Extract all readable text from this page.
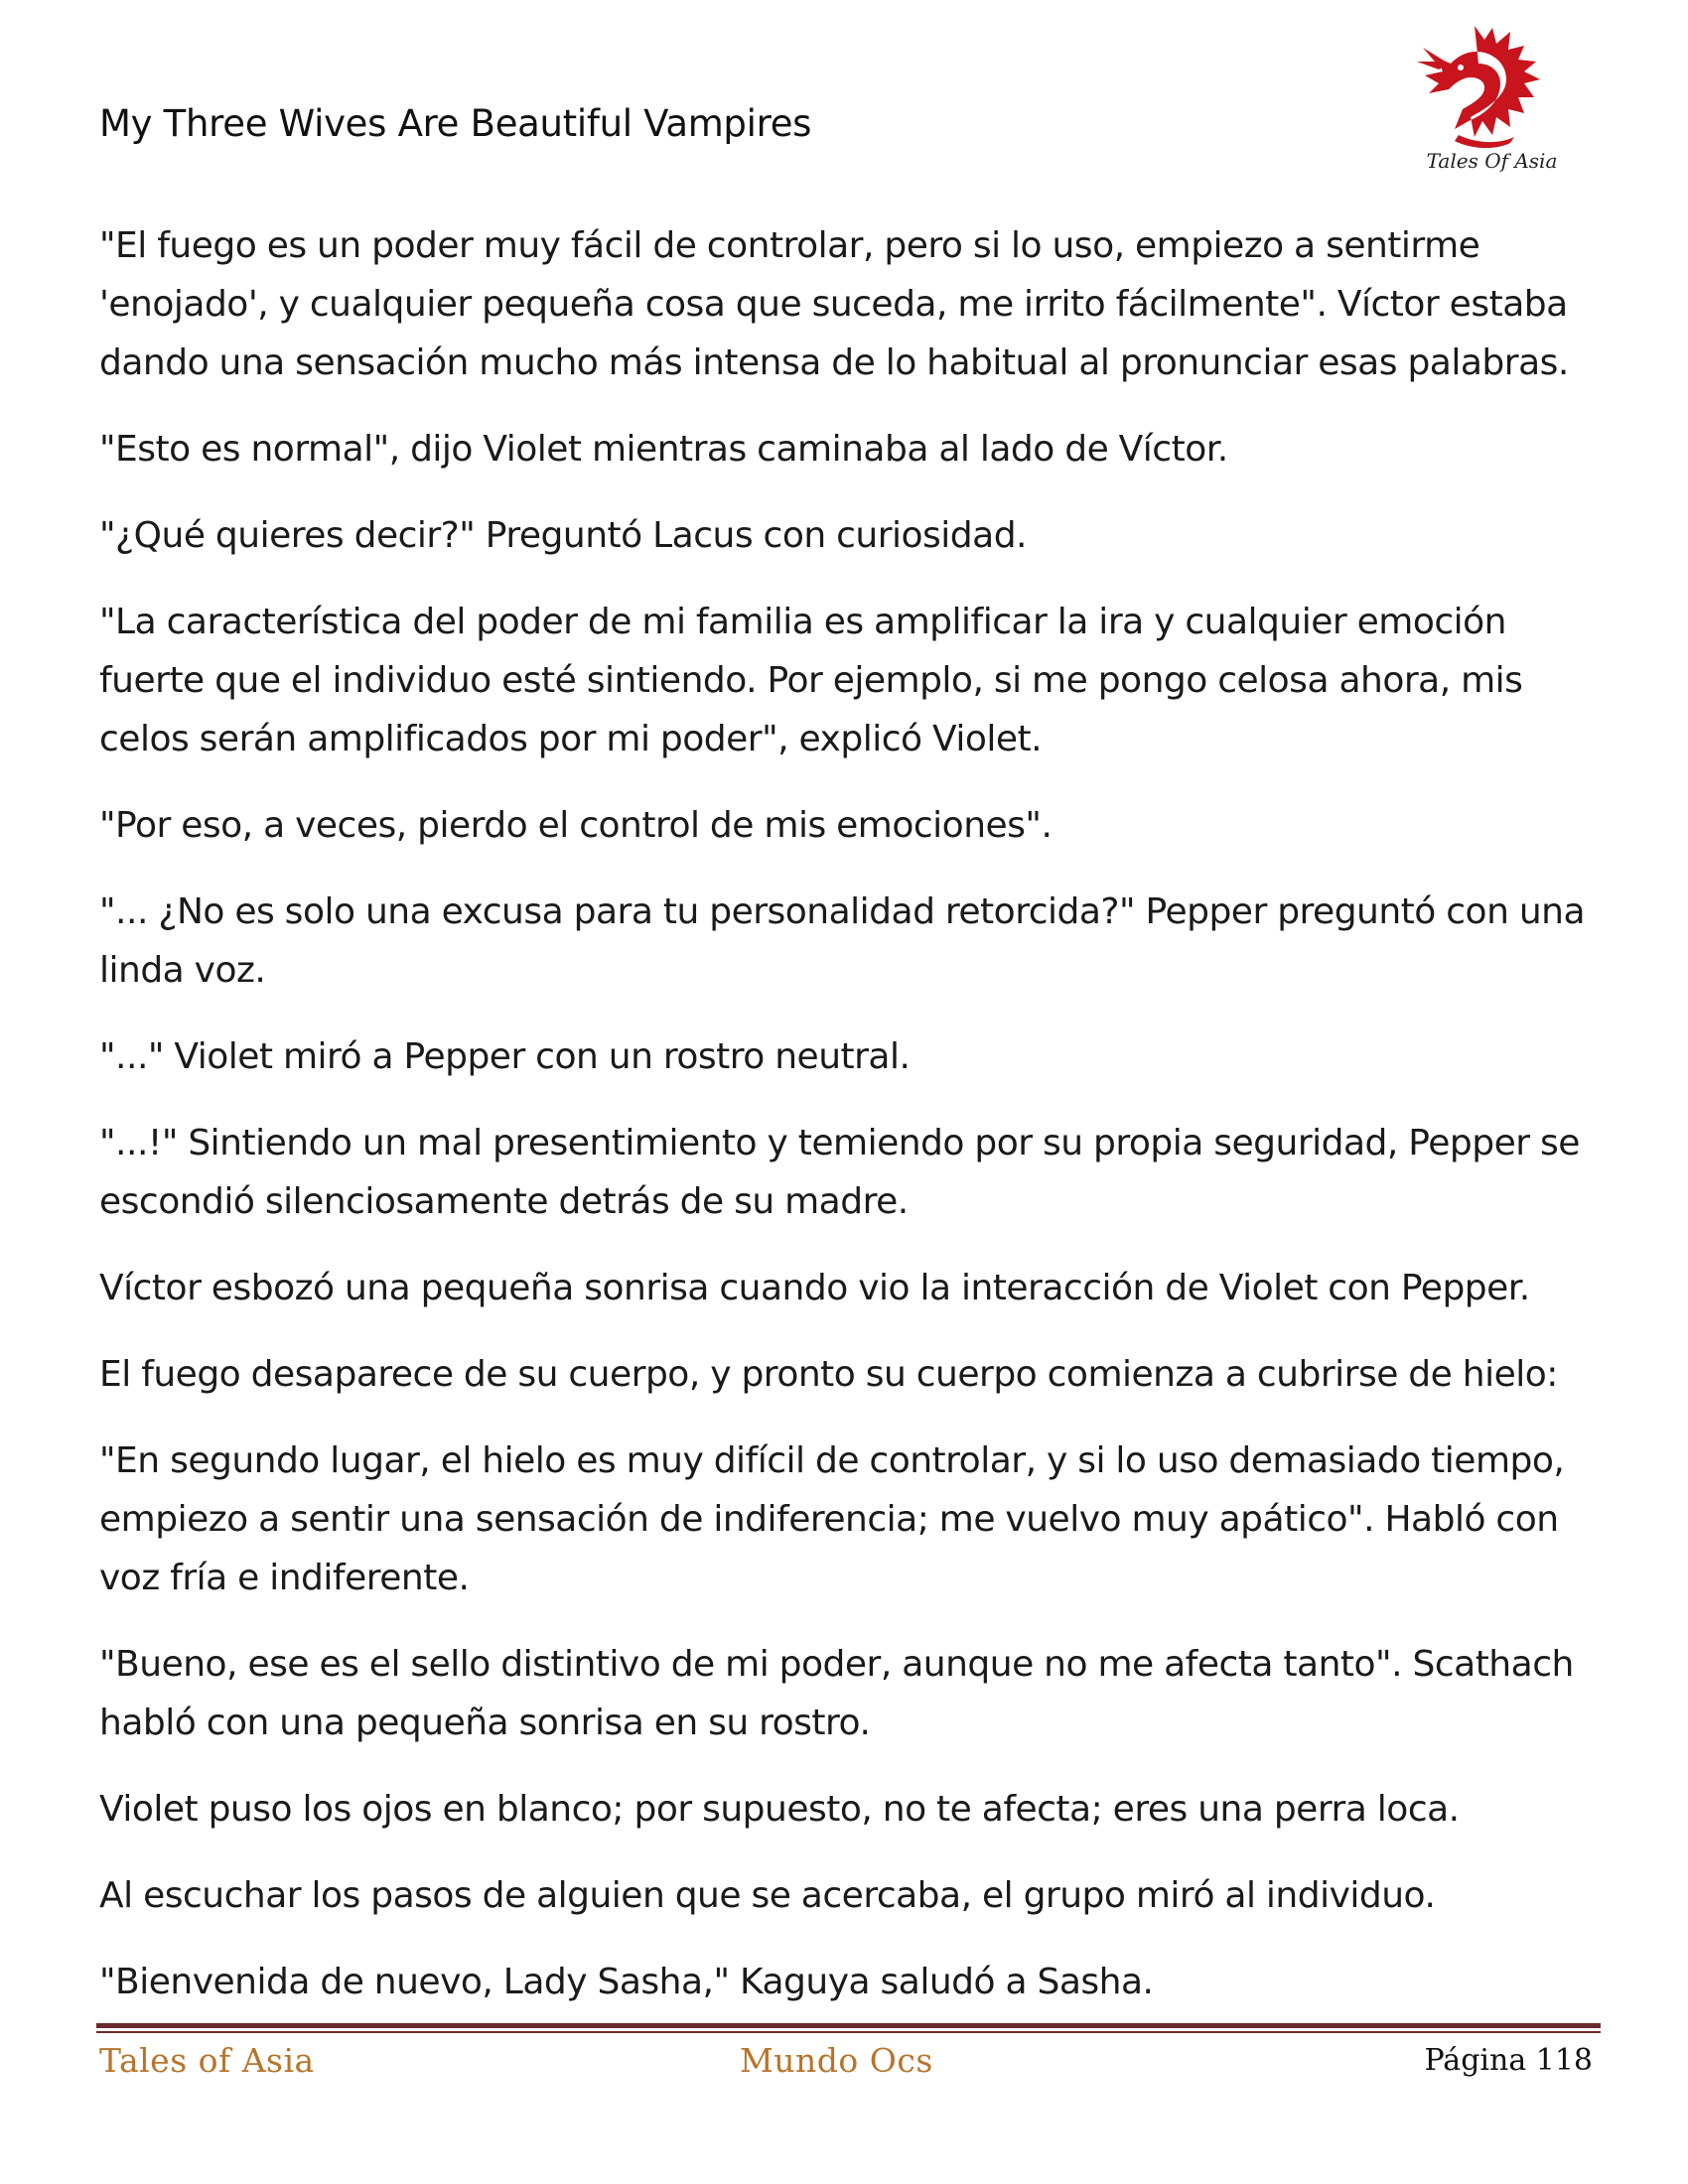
My Three Wives Are Beautiful Vampires
Tales Of Asia

"El fuego es un poder muy fácil de controlar, pero si lo uso, empiezo a sentirme 'enojado', y cualquier pequeña cosa que suceda, me irrito fácilmente". Víctor estaba dando una sensación mucho más intensa de lo habitual al pronunciar esas palabras.

"Esto es normal", dijo Violet mientras caminaba al lado de Víctor.

"¿Qué quieres decir?" Preguntó Lacus con curiosidad.

"La característica del poder de mi familia es amplificar la ira y cualquier emoción fuerte que el individuo esté sintiendo. Por ejemplo, si me pongo celosa ahora, mis celos serán amplificados por mi poder", explicó Violet.

"Por eso, a veces, pierdo el control de mis emociones".

"... ¿No es solo una excusa para tu personalidad retorcida?" Pepper preguntó con una linda voz.

"..." Violet miró a Pepper con un rostro neutral.

"...!" Sintiendo un mal presentimiento y temiendo por su propia seguridad, Pepper se escondió silenciosamente detrás de su madre.

Víctor esbozó una pequeña sonrisa cuando vio la interacción de Violet con Pepper.

El fuego desaparece de su cuerpo, y pronto su cuerpo comienza a cubrirse de hielo:

"En segundo lugar, el hielo es muy difícil de controlar, y si lo uso demasiado tiempo, empiezo a sentir una sensación de indiferencia; me vuelvo muy apático". Habló con voz fría e indiferente.

"Bueno, ese es el sello distintivo de mi poder, aunque no me afecta tanto". Scathach habló con una pequeña sonrisa en su rostro.

Violet puso los ojos en blanco; por supuesto, no te afecta; eres una perra loca.

Al escuchar los pasos de alguien que se acercaba, el grupo miró al individuo.

"Bienvenida de nuevo, Lady Sasha," Kaguya saludó a Sasha.

Tales of Asia	Mundo Ocs	Página 118
